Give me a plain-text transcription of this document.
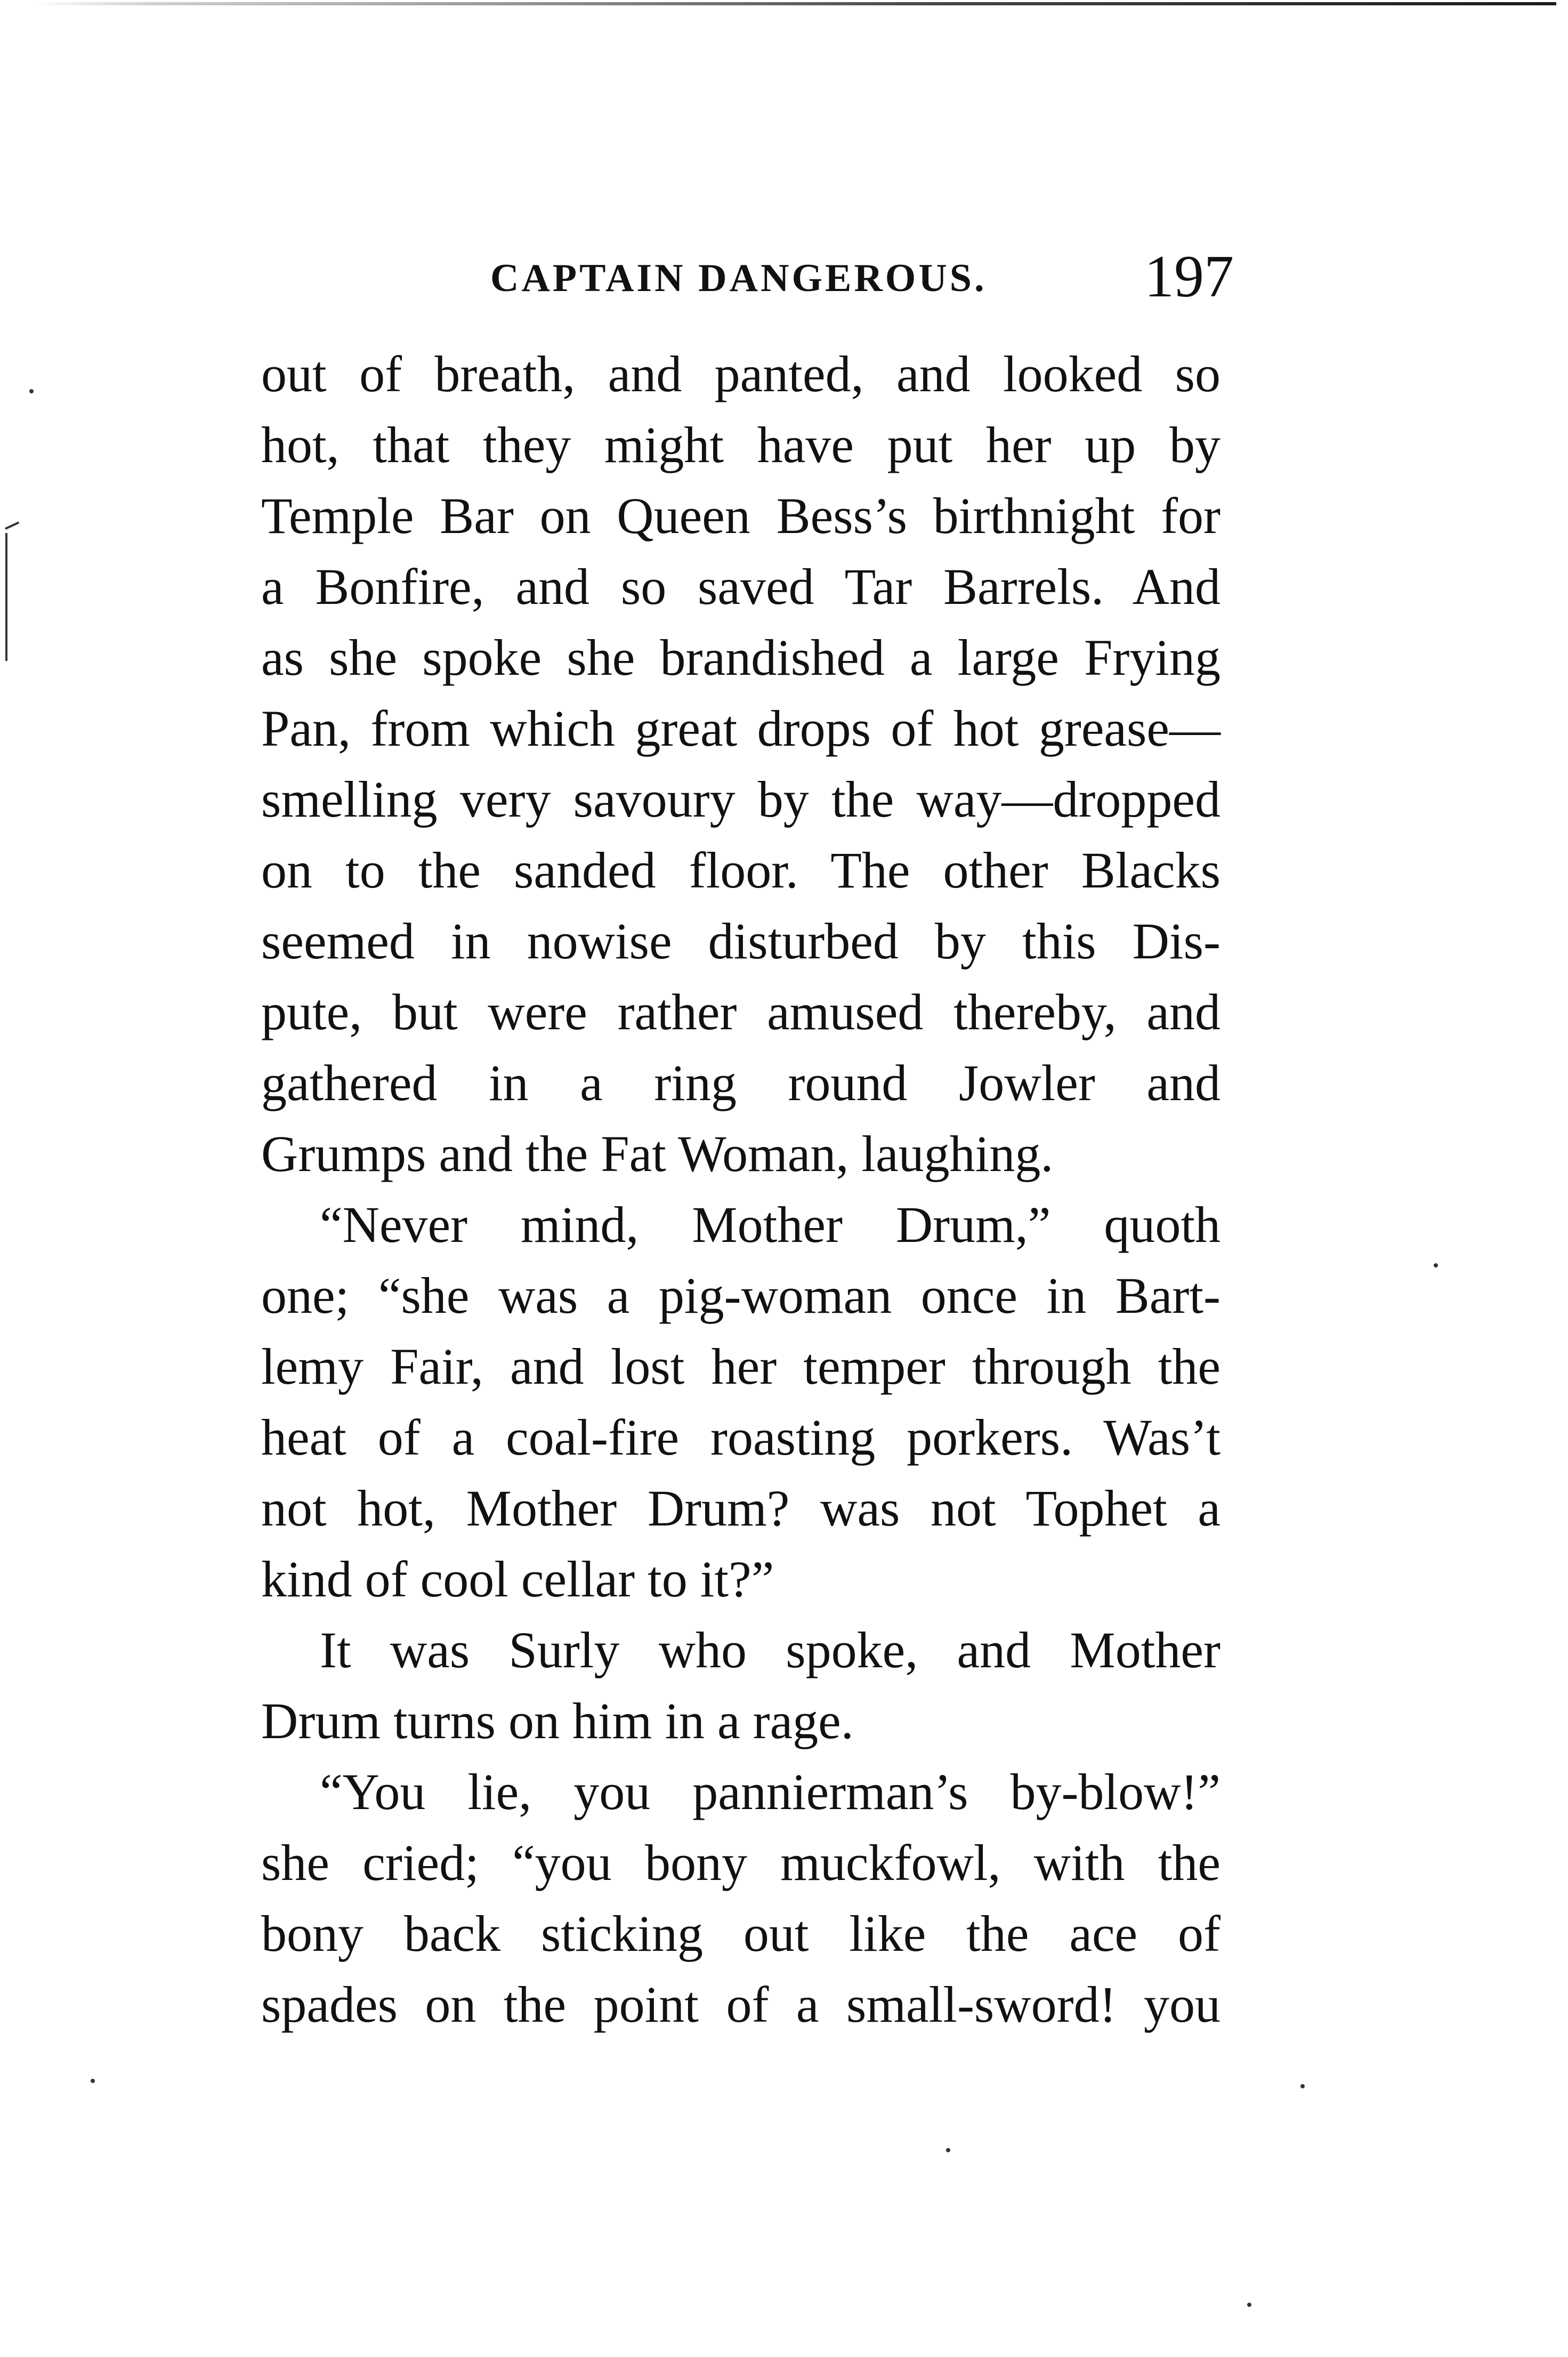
CAPTAIN DANGEROUS.	197
out of breath, and panted, and looked so
hot, that they might have put her up by
Temple Bar on Queen Bess’s birthnight for
a Bonfire, and so saved Tar Barrels. And
as she spoke she brandished a large Frying
Pan, from which great drops of hot grease—
smelling very savoury by the way—dropped
on to the sanded floor. The other Blacks
seemed in nowise disturbed by this Dis-
pute, but were rather amused thereby, and
gathered in a ring round Jowler and
Grumps and the Fat Woman, laughing.
“Never mind, Mother Drum,” quoth
one; “she was a pig-woman once in Bart-
lemy Fair, and lost her temper through the
heat of a coal-fire roasting porkers. Was’t
not hot, Mother Drum? was not Tophet a
kind of cool cellar to it?”
It was Surly who spoke, and Mother
Drum turns on him in a rage.
“You lie, you pannierman’s by-blow!”
she cried; “you bony muckfowl, with the
bony back sticking out like the ace of
spades on the point of a small-sword! you
